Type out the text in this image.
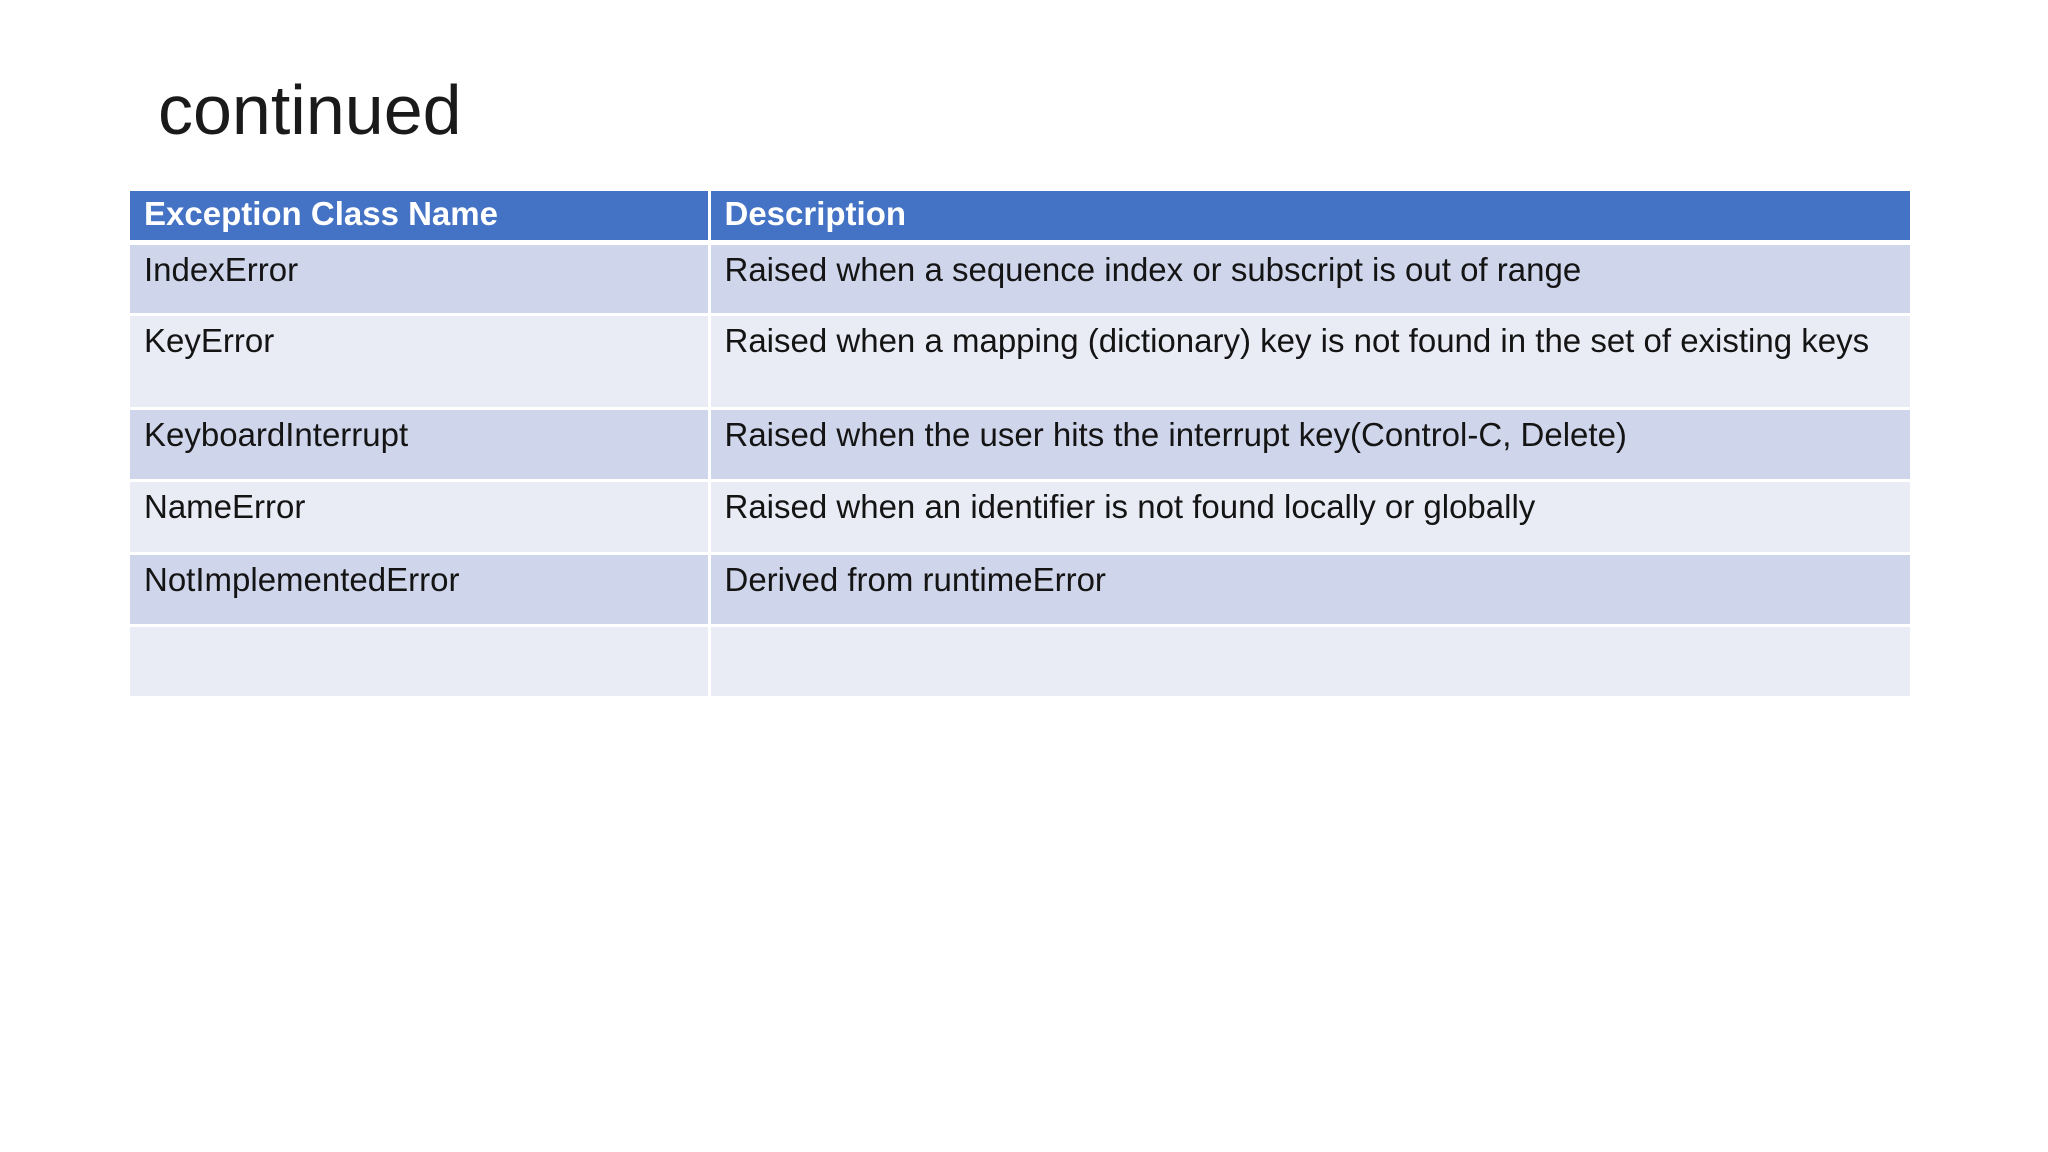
continued
Exception Class Name	Description
IndexError	Raised when a sequence index or subscript is out of range
KeyError	Raised when a mapping (dictionary) key is not found in the set of existing keys
KeyboardInterrupt	Raised when the user hits the interrupt key(Control-C, Delete)
NameError	Raised when an identifier is not found locally or globally
NotImplementedError	Derived from runtimeError
